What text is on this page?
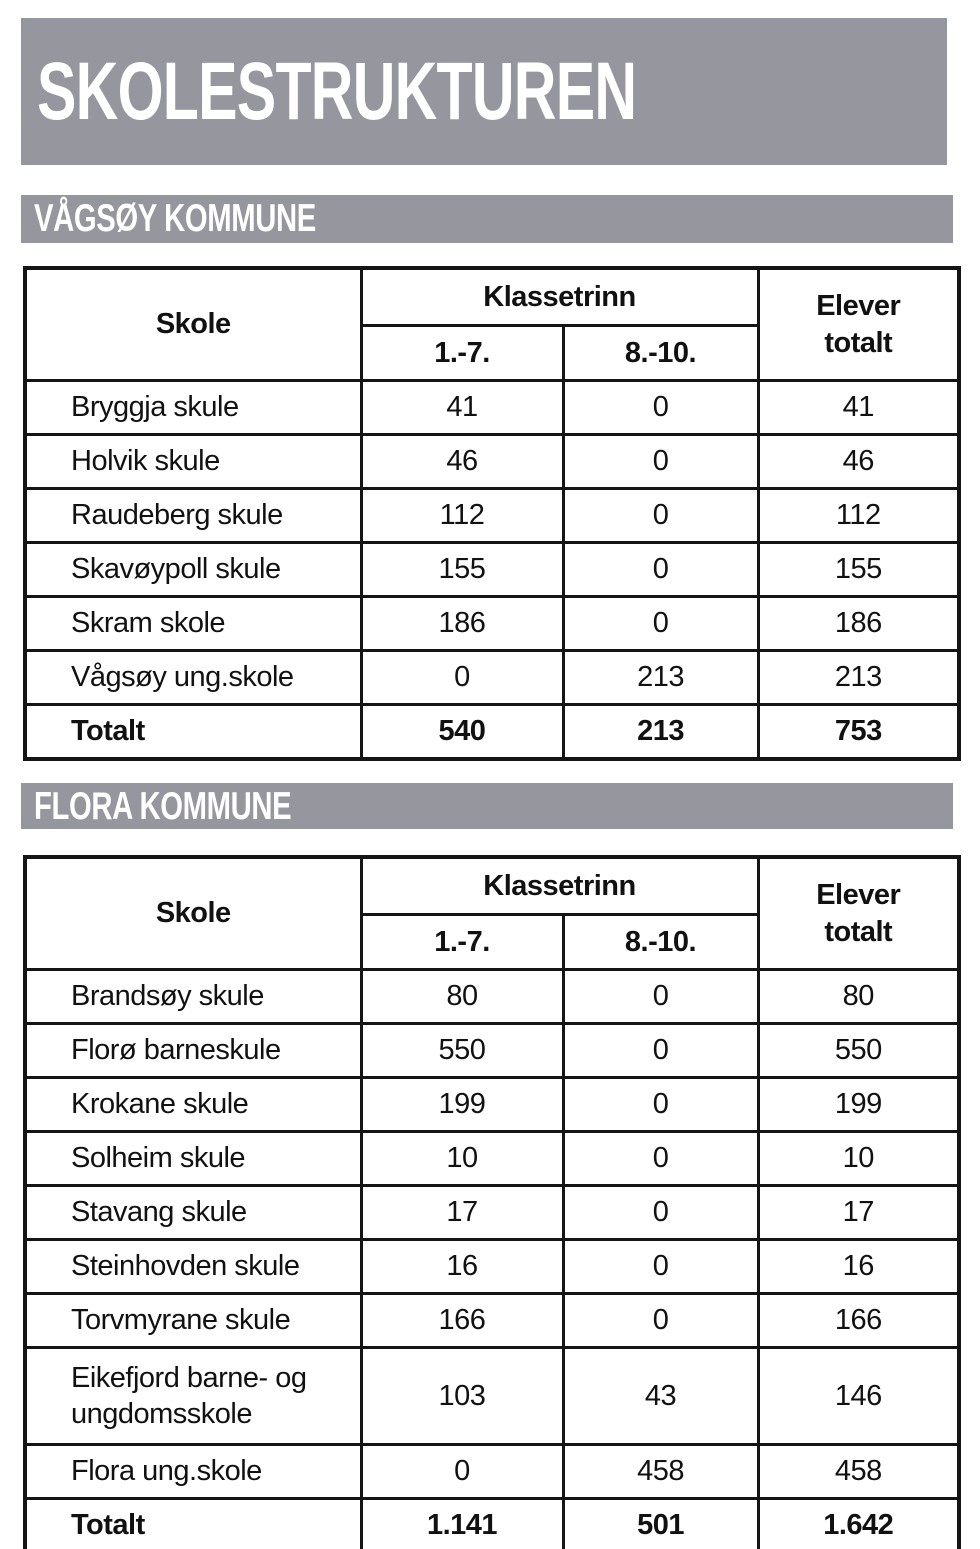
SKOLESTRUKTUREN
VÅGSØY KOMMUNE
Skole	Klassetrinn		Elever totalt
	1.-7.	8.-10.	
Bryggja skule	41	0	41
Holvik skule	46	0	46
Raudeberg skule	112	0	112
Skavøypoll skule	155	0	155
Skram skole	186	0	186
Vågsøy ung.skole	0	213	213
Totalt	540	213	753
FLORA KOMMUNE
Skole	Klassetrinn		Elever totalt
	1.-7.	8.-10.	
Brandsøy skule	80	0	80
Florø barneskule	550	0	550
Krokane skule	199	0	199
Solheim skule	10	0	10
Stavang skule	17	0	17
Steinhovden skule	16	0	16
Torvmyrane skule	166	0	166
Eikefjord barne- og ungdomsskole	103	43	146
Flora ung.skole	0	458	458
Totalt	1.141	501	1.642
